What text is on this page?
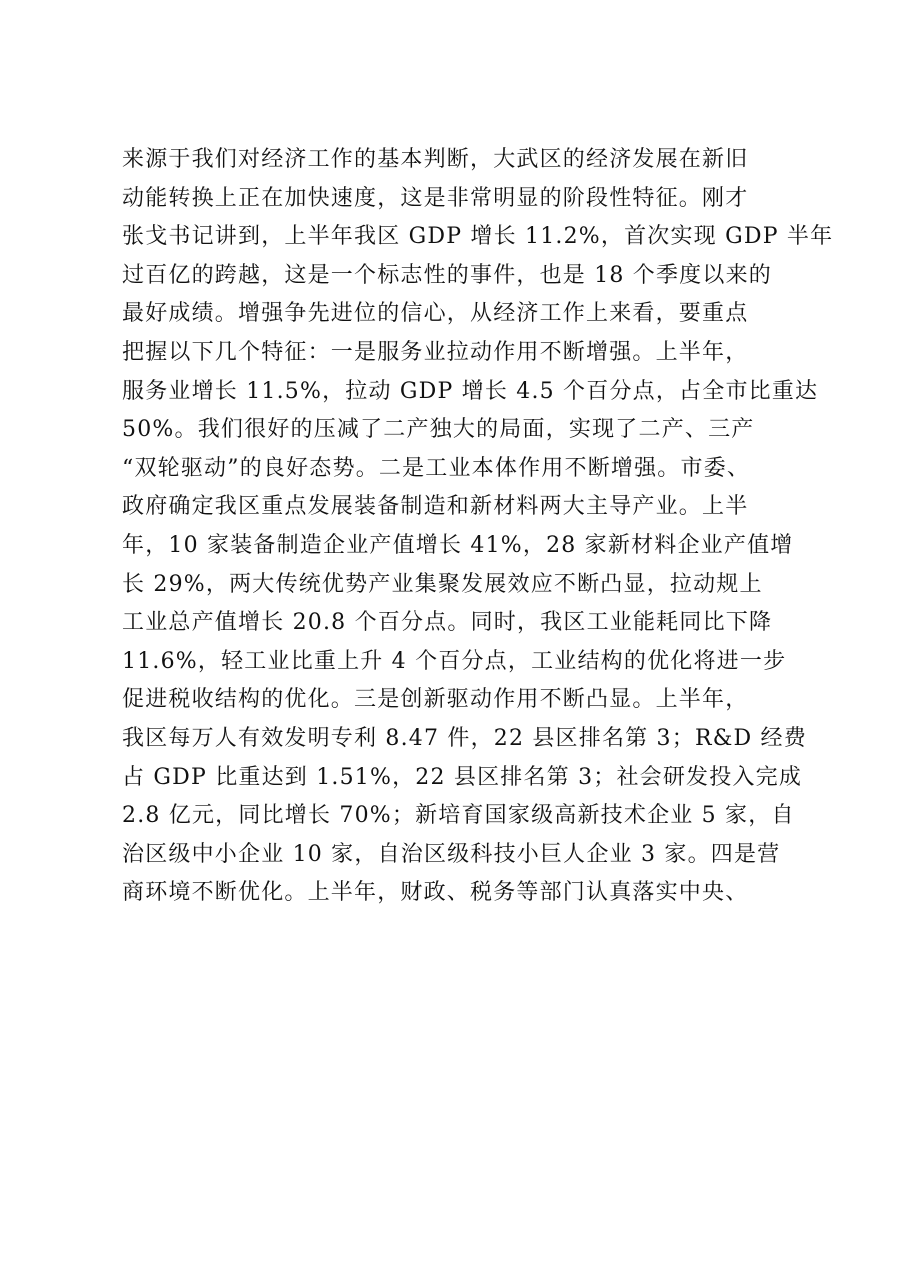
来源于我们对经济工作的基本判断，大武区的经济发展在新旧
动能转换上正在加快速度，这是非常明显的阶段性特征。刚才
张戈书记讲到，上半年我区 GDP 增长 11.2%，首次实现 GDP 半年
过百亿的跨越，这是一个标志性的事件，也是 18 个季度以来的
最好成绩。增强争先进位的信心，从经济工作上来看，要重点
把握以下几个特征：一是服务业拉动作用不断增强。上半年，
服务业增长 11.5%，拉动 GDP 增长 4.5 个百分点，占全市比重达
50%。我们很好的压减了二产独大的局面，实现了二产、三产
“双轮驱动”的良好态势。二是工业本体作用不断增强。市委、
政府确定我区重点发展装备制造和新材料两大主导产业。上半
年，10 家装备制造企业产值增长 41%，28 家新材料企业产值增
长 29%，两大传统优势产业集聚发展效应不断凸显，拉动规上
工业总产值增长 20.8 个百分点。同时，我区工业能耗同比下降
11.6%，轻工业比重上升 4 个百分点，工业结构的优化将进一步
促进税收结构的优化。三是创新驱动作用不断凸显。上半年，
我区每万人有效发明专利 8.47 件，22 县区排名第 3；R&D 经费
占 GDP 比重达到 1.51%，22 县区排名第 3；社会研发投入完成
2.8 亿元，同比增长 70%；新培育国家级高新技术企业 5 家，自
治区级中小企业 10 家，自治区级科技小巨人企业 3 家。四是营
商环境不断优化。上半年，财政、税务等部门认真落实中央、
